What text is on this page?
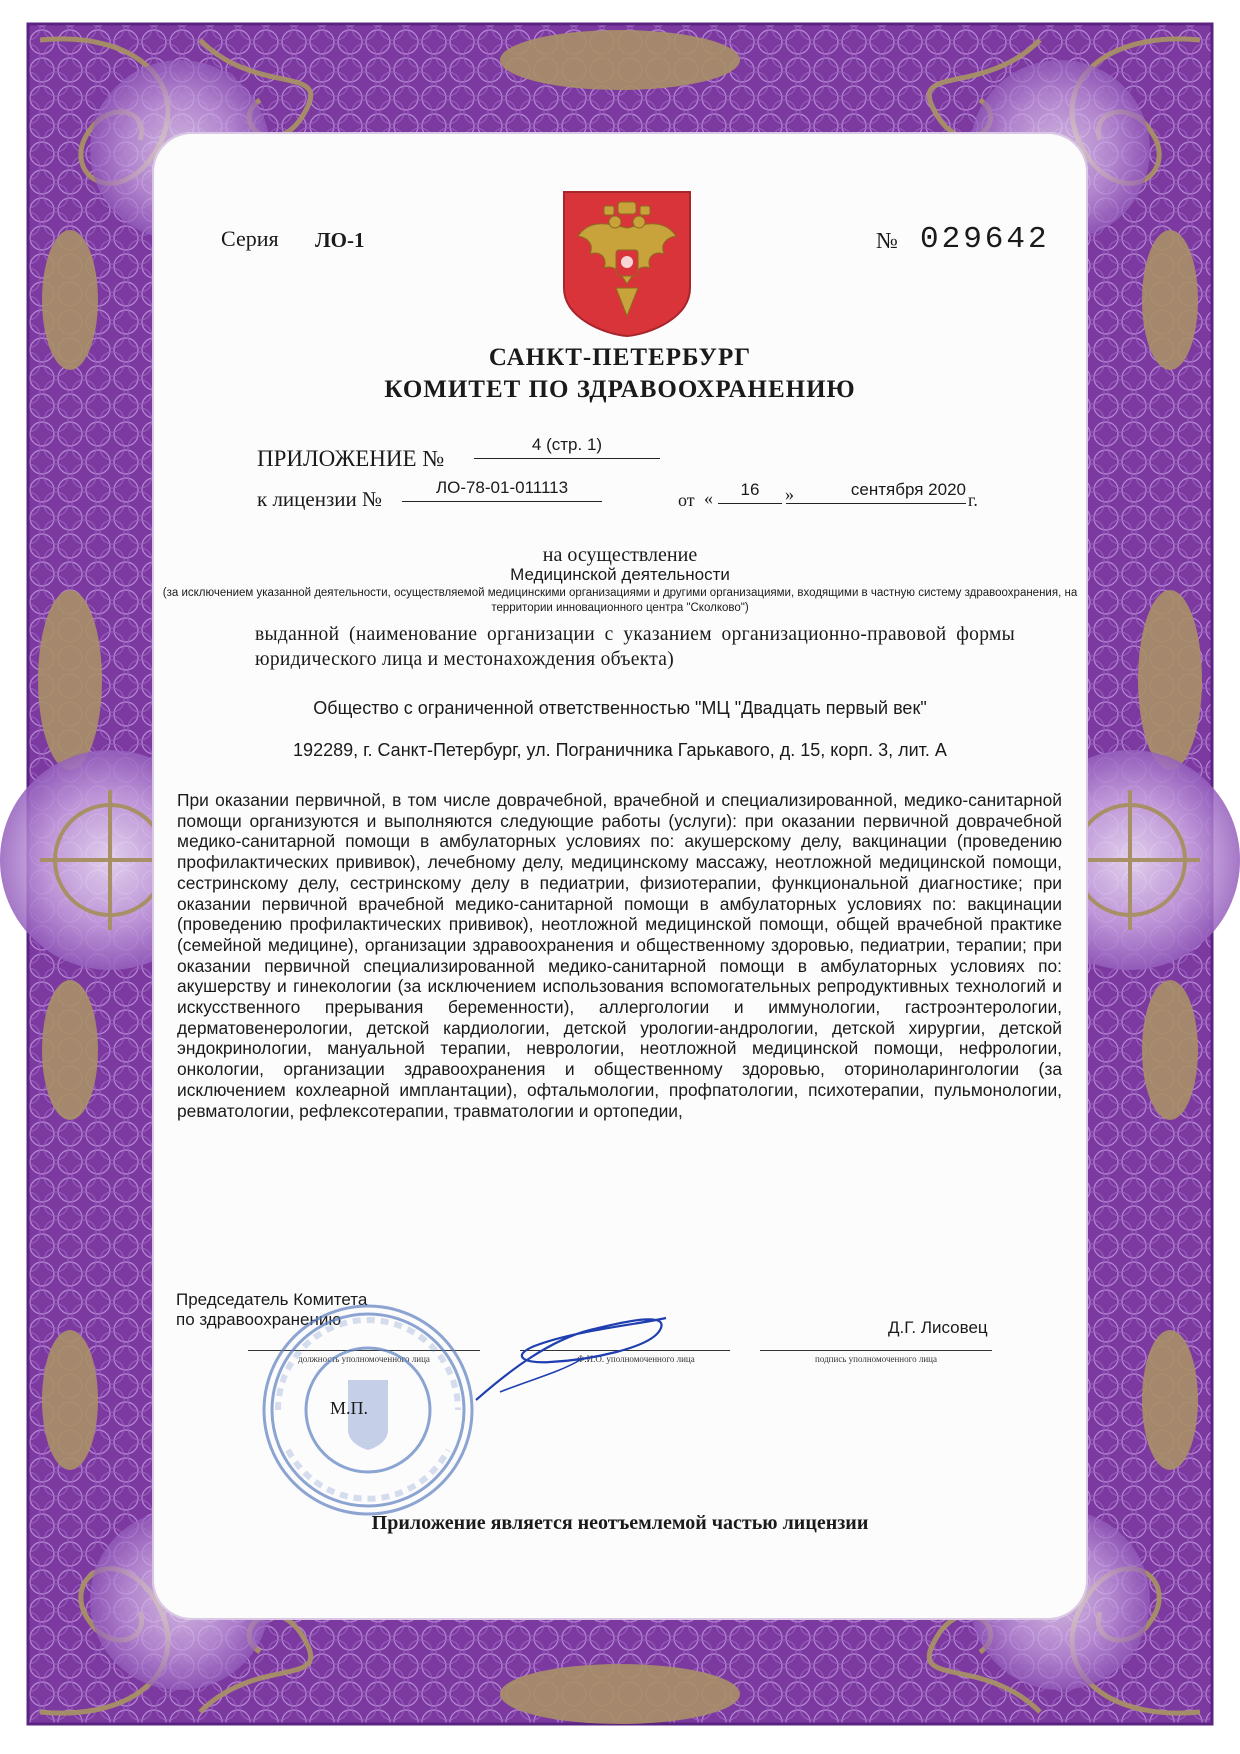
Серия ЛО-1	№ 029642
САНКТ-ПЕТЕРБУРГ
КОМИТЕТ ПО ЗДРАВООХРАНЕНИЮ
ПРИЛОЖЕНИЕ №
4 (стр. 1)
к лицензии №	ЛО-78-01-011113
от «	16	»	сентября 2020
г.
на осуществление
Медицинской деятельности
(за исключением указанной деятельности, осуществляемой медицинскими организациями и другими организациями, входящими в частную систему здравоохранения, на территории инновационного центра "Сколково")
выданной (наименование организации с указанием организационно-правовой формы юридического лица и местонахождения объекта)
Общество с ограниченной ответственностью "МЦ "Двадцать первый век"
192289, г. Санкт-Петербург, ул. Пограничника Гарькавого, д. 15, корп. 3, лит. А
При оказании первичной, в том числе доврачебной, врачебной и специализированной, медико-санитарной помощи организуются и выполняются следующие работы (услуги): при оказании первичной доврачебной медико-санитарной помощи в амбулаторных условиях по: акушерскому делу, вакцинации (проведению профилактических прививок), лечебному делу, медицинскому массажу, неотложной медицинской помощи, сестринскому делу, сестринскому делу в педиатрии, физиотерапии, функциональной диагностике; при оказании первичной врачебной медико-санитарной помощи в амбулаторных условиях по: вакцинации (проведению профилактических прививок), неотложной медицинской помощи, общей врачебной практике (семейной медицине), организации здравоохранения и общественному здоровью, педиатрии, терапии; при оказании первичной специализированной медико-санитарной помощи в амбулаторных условиях по: акушерству и гинекологии (за исключением использования вспомогательных репродуктивных технологий и искусственного прерывания беременности), аллергологии и иммунологии, гастроэнтерологии, дерматовенерологии, детской кардиологии, детской урологии-андрологии, детской хирургии, детской эндокринологии, мануальной терапии, неврологии, неотложной медицинской помощи, нефрологии, онкологии, организации здравоохранения и общественному здоровью, оториноларингологии (за исключением кохлеарной имплантации), офтальмологии, профпатологии, психотерапии, пульмонологии, ревматологии, рефлексотерапии, травматологии и ортопедии,
Председатель Комитета
по здравоохранению	Д.Г. Лисовец
должность уполномоченного лица	Ф.И.О. уполномоченного лица	подпись уполномоченного лица
М.П.
Приложение является неотъемлемой частью лицензии
